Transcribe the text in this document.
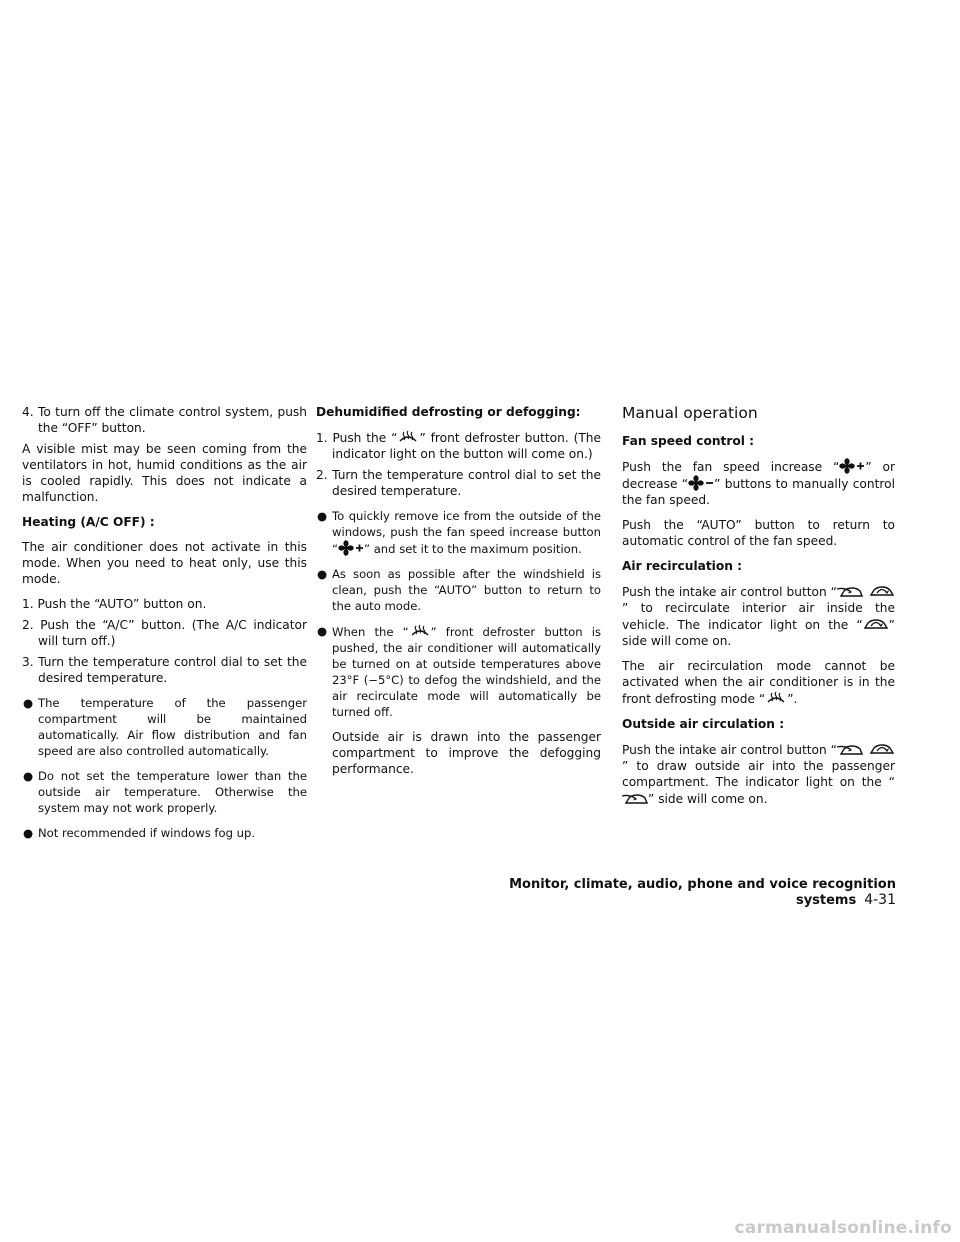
4. To turn off the climate control system, push the “OFF” button.

A visible mist may be seen coming from the ventilators in hot, humid conditions as the air is cooled rapidly. This does not indicate a malfunction.

Heating (A/C OFF) :

The air conditioner does not activate in this mode. When you need to heat only, use this mode.

1. Push the “AUTO” button on.

2. Push the “A/C” button. (The A/C indicator will turn off.)

3. Turn the temperature control dial to set the desired temperature.

● The temperature of the passenger compartment will be maintained automatically. Air flow distribution and fan speed are also controlled automatically.

● Do not set the temperature lower than the outside air temperature. Otherwise the system may not work properly.

● Not recommended if windows fog up.

Dehumidified defrosting or defogging:

1. Push the “ ” front defroster button. (The indicator light on the button will come on.)

2. Turn the temperature control dial to set the desired temperature.

● To quickly remove ice from the outside of the windows, push the fan speed increase button “ ” and set it to the maximum position.

● As soon as possible after the windshield is clean, push the “AUTO” button to return to the auto mode.

● When the “ ” front defroster button is pushed, the air conditioner will automatically be turned on at outside temperatures above 23°F (−5°C) to defog the windshield, and the air recirculate mode will automatically be turned off.

Outside air is drawn into the passenger compartment to improve the defogging performance.

Manual operation

Fan speed control :

Push the fan speed increase “ ” or decrease “ ” buttons to manually control the fan speed.

Push the “AUTO” button to return to automatic control of the fan speed.

Air recirculation :

Push the intake air control button “” to recirculate interior air inside the vehicle. The indicator light on the “ ” side will come on.

The air recirculation mode cannot be activated when the air conditioner is in the front defrosting mode “ ”.

Outside air circulation :

Push the intake air control button “” to draw outside air into the passenger compartment. The indicator light on the “” side will come on.

Monitor, climate, audio, phone and voice recognition systems 4-31
carmanualsonline.info
